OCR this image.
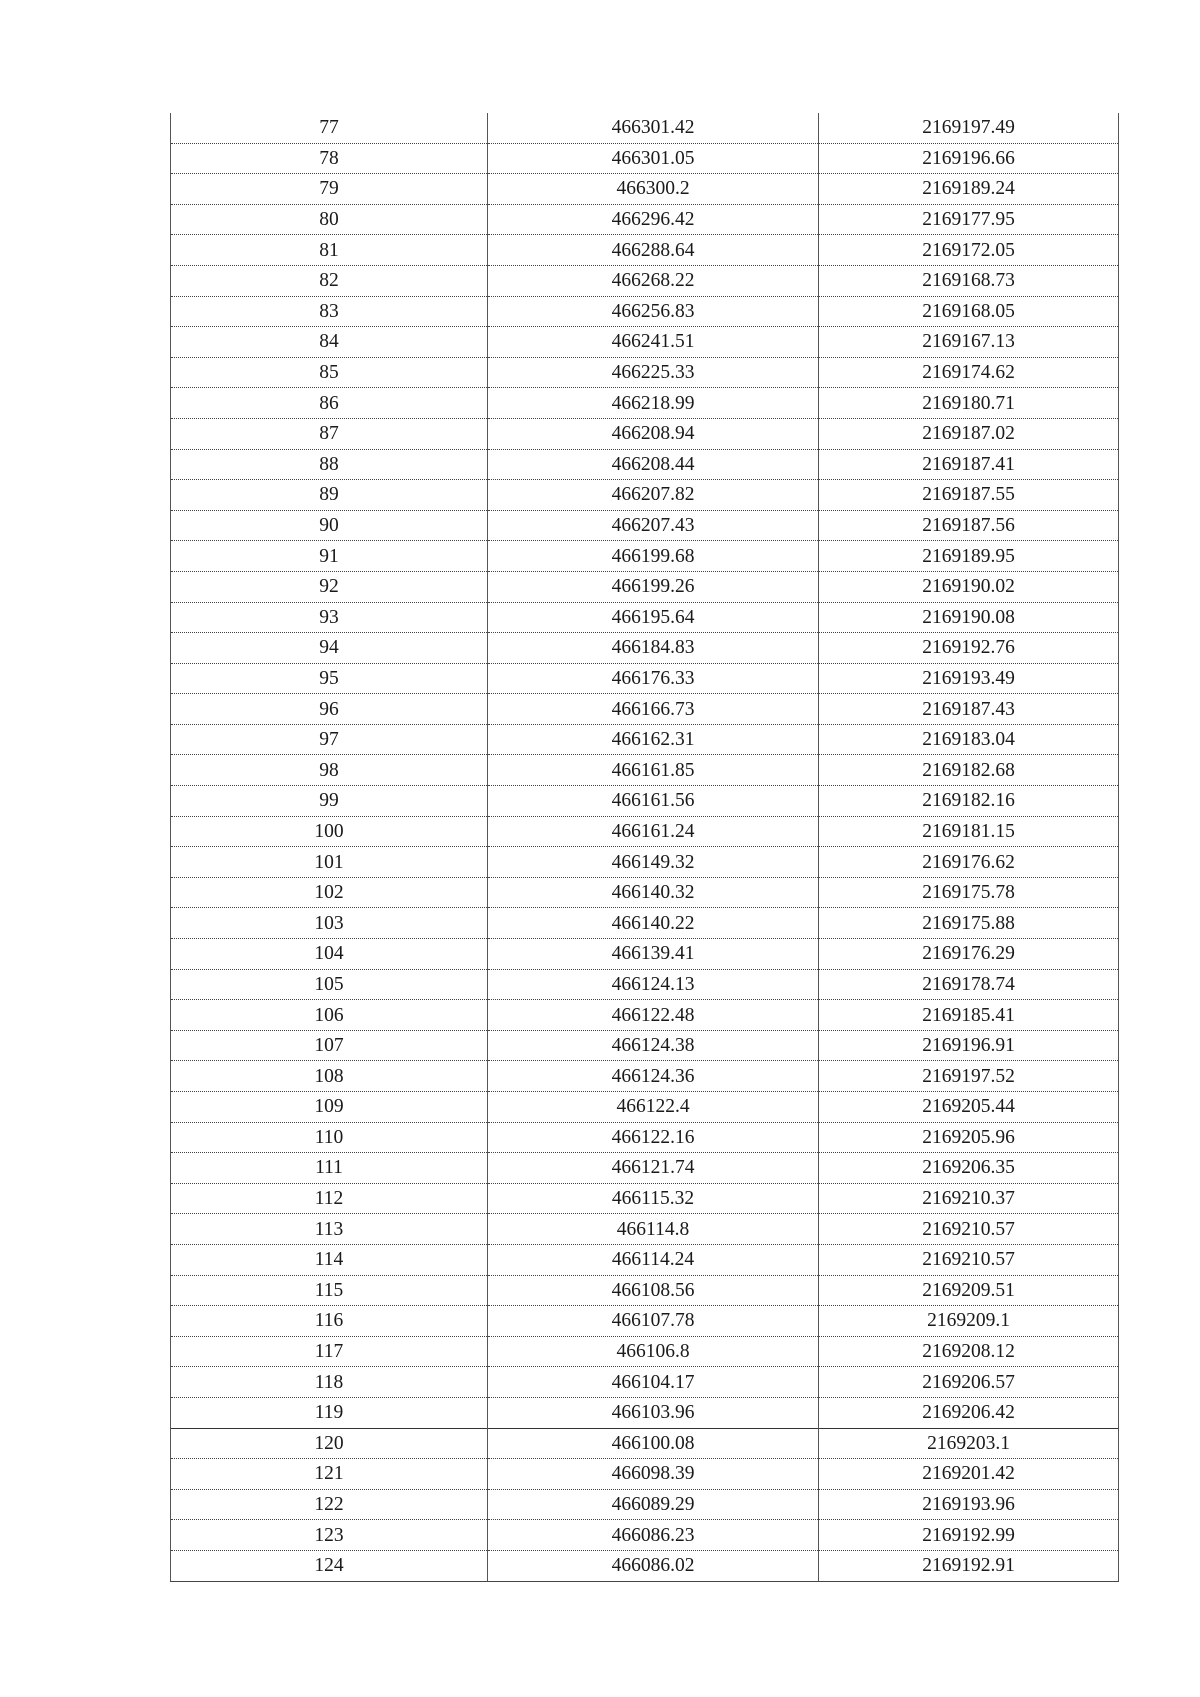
77	466301.42	2169197.49
78	466301.05	2169196.66
79	466300.2	2169189.24
80	466296.42	2169177.95
81	466288.64	2169172.05
82	466268.22	2169168.73
83	466256.83	2169168.05
84	466241.51	2169167.13
85	466225.33	2169174.62
86	466218.99	2169180.71
87	466208.94	2169187.02
88	466208.44	2169187.41
89	466207.82	2169187.55
90	466207.43	2169187.56
91	466199.68	2169189.95
92	466199.26	2169190.02
93	466195.64	2169190.08
94	466184.83	2169192.76
95	466176.33	2169193.49
96	466166.73	2169187.43
97	466162.31	2169183.04
98	466161.85	2169182.68
99	466161.56	2169182.16
100	466161.24	2169181.15
101	466149.32	2169176.62
102	466140.32	2169175.78
103	466140.22	2169175.88
104	466139.41	2169176.29
105	466124.13	2169178.74
106	466122.48	2169185.41
107	466124.38	2169196.91
108	466124.36	2169197.52
109	466122.4	2169205.44
110	466122.16	2169205.96
111	466121.74	2169206.35
112	466115.32	2169210.37
113	466114.8	2169210.57
114	466114.24	2169210.57
115	466108.56	2169209.51
116	466107.78	2169209.1
117	466106.8	2169208.12
118	466104.17	2169206.57
119	466103.96	2169206.42
120	466100.08	2169203.1
121	466098.39	2169201.42
122	466089.29	2169193.96
123	466086.23	2169192.99
124	466086.02	2169192.91
